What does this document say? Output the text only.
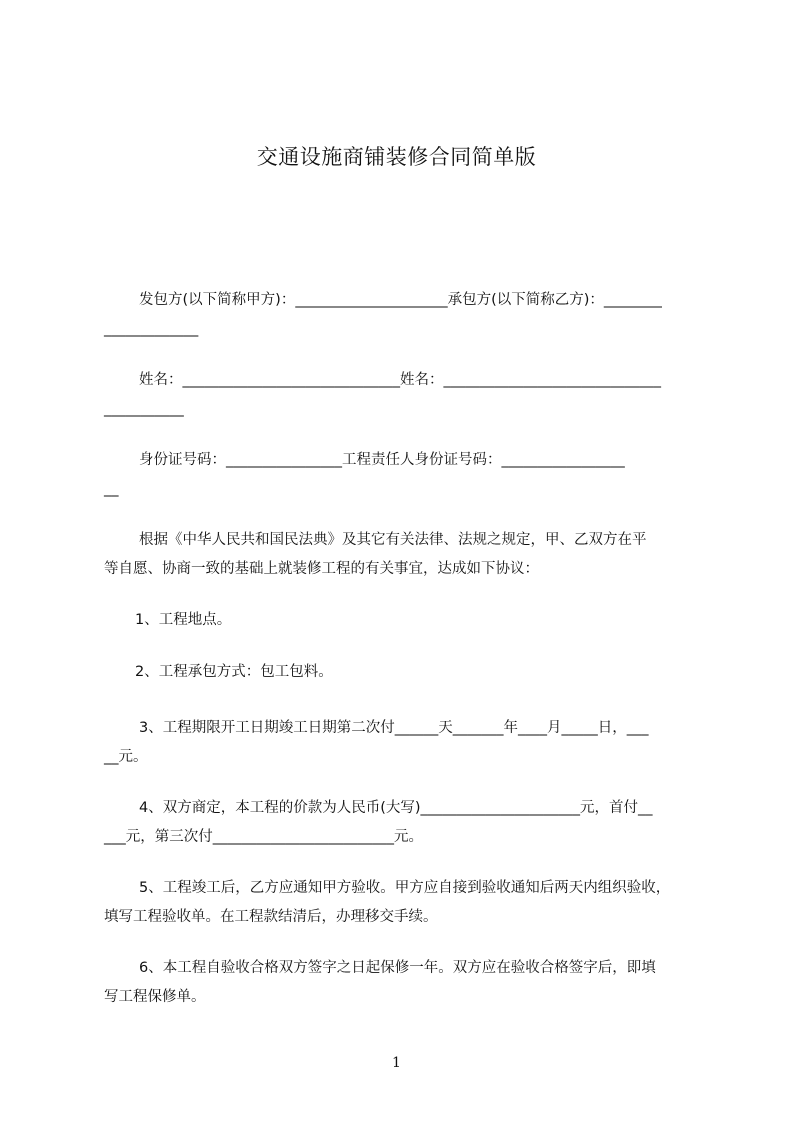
交通设施商铺装修合同简单版
发包方(以下简称甲方)：_____________________承包方(以下简称乙方)：________
_____________
姓名：______________________________姓名：______________________________
___________
身份证号码：________________工程责任人身份证号码：_________________
__
根据《中华人民共和国民法典》及其它有关法律、法规之规定，甲、乙双方在平
等自愿、协商一致的基础上就装修工程的有关事宜，达成如下协议：
1、工程地点。
2、工程承包方式：包工包料。
3、工程期限开工日期竣工日期第二次付______天_______年____月_____日，___
__元。
4、双方商定，本工程的价款为人民币(大写)______________________元，首付__
___元，第三次付_________________________元。
5、工程竣工后，乙方应通知甲方验收。甲方应自接到验收通知后两天内组织验收，
填写工程验收单。在工程款结清后，办理移交手续。
6、本工程自验收合格双方签字之日起保修一年。双方应在验收合格签字后，即填
写工程保修单。
1
